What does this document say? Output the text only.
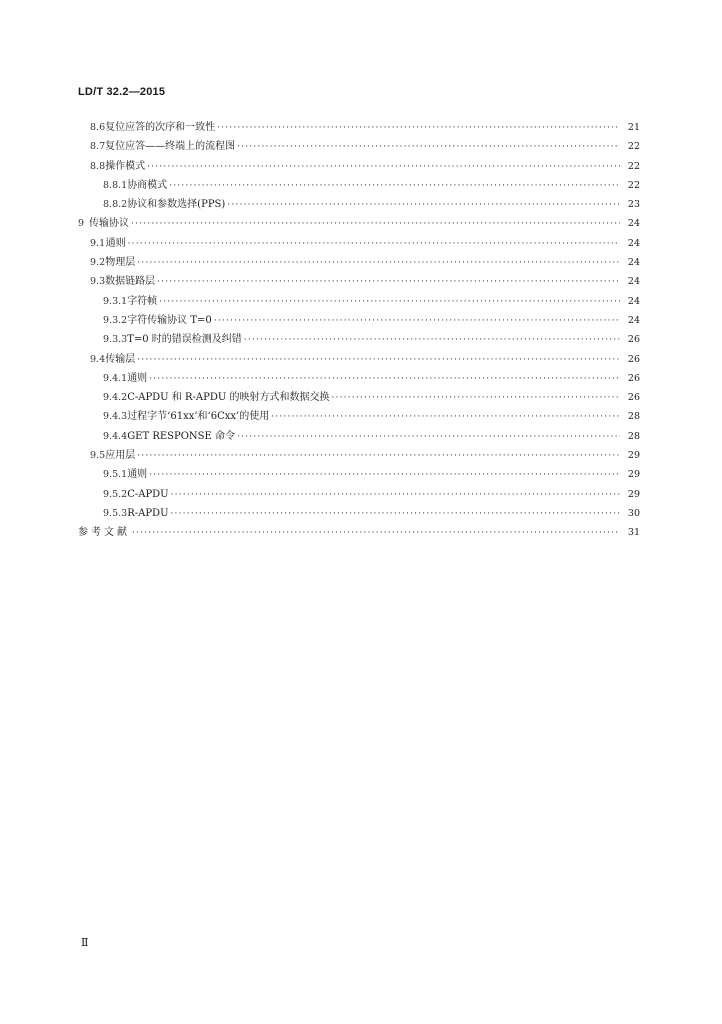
LD/T 32.2—2015
8.6 复位应答的次序和一致性 ·····	21
8.7 复位应答——终端上的流程图 ·····	22
8.8 操作模式 ·····	22
8.8.1 协商模式 ·····	22
8.8.2 协议和参数选择(PPS) ·····	23
9 传输协议 ·····	24
9.1 通则 ·····	24
9.2 物理层 ·····	24
9.3 数据链路层 ·····	24
9.3.1 字符帧 ·····	24
9.3.2 字符传输协议 T=0 ·····	24
9.3.3 T=0 时的错误检测及纠错 ·····	26
9.4 传输层 ·····	26
9.4.1 通则 ·····	26
9.4.2 C-APDU 和 R-APDU 的映射方式和数据交换 ·····	26
9.4.3 过程字节‘61xx’和‘6Cxx’的使用 ·····	28
9.4.4 GET RESPONSE 命令 ·····	28
9.5 应用层 ·····	29
9.5.1 通则 ·····	29
9.5.2 C-APDU ·····	29
9.5.3 R-APDU ·····	30
参考文献 ·····	31
Ⅱ
